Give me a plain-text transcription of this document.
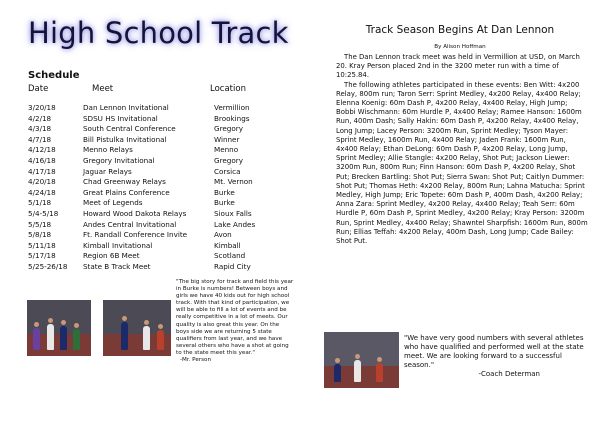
High School Track
Schedule
Date	Meet	Location
3/20/18	Dan Lennon Invitational	Vermillion
4/2/18	SDSU HS Invitational	Brookings
4/3/18	South Central Conference	Gregory
4/7/18	Bill Pistulka Invitational	Winner
4/12/18	Menno Relays	Menno
4/16/18	Gregory Invitational	Gregory
4/17/18	Jaguar Relays	Corsica
4/20/18	Chad Greenway Relays	Mt. Vernon
4/24/18	Great Plains Conference	Burke
5/1/18	Meet of Legends	Burke
5/4-5/18	Howard Wood Dakota Relays	Sioux Falls
5/5/18	Andes Central Invitational	Lake Andes
5/8/18	Ft. Randall Conference Invite	Avon
5/11/18	Kimball Invitational	Kimball
5/17/18	Region 6B Meet	Scotland
5/25-26/18 State B Track Meet	Rapid City
"The big story for track and field this year in Burke is numbers! Between boys and girls we have 40 kids out for high school track. With that kind of participation, we will be able to fill a lot of events and be really competitive in a lot of meets. Our quality is also great this year. On the boys side we are returning 5 state qualifiers from last year, and we have several others who have a shot at going to the state meet this year."
-Mr. Person
Track Season Begins At Dan Lennon
By Alison Hoffman

The Dan Lennon track meet was held in Vermillion at USD, on March 20. Kray Person placed 2nd in the 3200 meter run with a time of 10:25.84.

The following athletes participated in these events: Ben Witt: 4x200 Relay, 800m run; Taron Serr: Sprint Medley, 4x200 Relay, 4x400 Relay; Elenna Koenig: 60m Dash P, 4x200 Relay, 4x400 Relay, High Jump; Bobbi Wischmann: 60m Hurdle P, 4x400 Relay; Ramee Hanson: 1600m Run, 400m Dash; Sally Hakin: 60m Dash P, 4x200 Relay, 4x400 Relay, Long Jump; Lacey Person: 3200m Run, Sprint Medley; Tyson Mayer: Sprint Medley, 1600m Run, 4x400 Relay; Jaden Frank: 1600m Run, 4x400 Relay; Ethan DeLong: 60m Dash P, 4x200 Relay, Long Jump, Sprint Medley; Allie Stangle: 4x200 Relay, Shot Put; Jackson Liewer: 3200m Run, 800m Run; Finn Hanson: 60m Dash P, 4x200 Relay, Shot Put; Brecken Bartling: Shot Put; Sierra Swan: Shot Put; Caitlyn Dummer: Shot Put; Thomas Heth: 4x200 Relay, 800m Run; Lahna Matucha: Sprint Medley, High Jump; Eric Topete: 60m Dash P, 400m Dash, 4x200 Relay; Anna Zara: Sprint Medley, 4x200 Relay, 4x400 Relay; Teah Serr: 60m Hurdle P, 60m Dash P, Sprint Medley, 4x200 Relay; Kray Person: 3200m Run, Sprint Medley, 4x400 Relay; Shawntel Sharpfish: 1600m Run, 800m Run; Ellias Teffah: 4x200 Relay, 400m Dash, Long Jump; Cade Bailey: Shot Put.

"We have very good numbers with several athletes who have qualified and performed well at the state meet. We are looking forward to a successful season."
-Coach Determan
